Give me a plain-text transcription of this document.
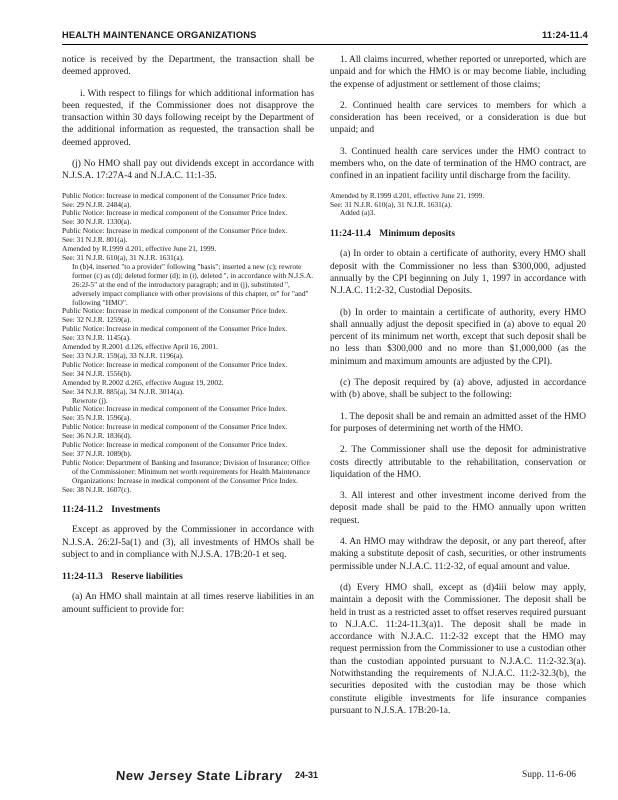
HEALTH MAINTENANCE ORGANIZATIONS	11:24-11.4

notice is received by the Department, the transaction shall be deemed approved.

i. With respect to filings for which additional information has been requested, if the Commissioner does not disapprove the transaction within 30 days following receipt by the Department of the additional information as requested, the transaction shall be deemed approved.

(j) No HMO shall pay out dividends except in accordance with N.J.S.A. 17:27A-4 and N.J.A.C. 11:1-35.

Public Notice: Increase in medical component of the Consumer Price Index.
See: 29 N.J.R. 2484(a).
Public Notice: Increase in medical component of the Consumer Price Index.
See: 30 N.J.R. 1330(a).
Public Notice: Increase in medical component of the Consumer Price Index.
See: 31 N.J.R. 801(a).
Amended by R.1999 d.201, effective June 21, 1999.
See: 31 N.J.R. 610(a), 31 N.J.R. 1631(a).
In (b)4, inserted "to a provider" following "basis"; inserted a new (c); rewrote former (c) as (d); deleted former (d); in (i), deleted ", in accordance with N.J.S.A. 26:2J-5" at the end of the introductory paragraph; and in (j), substituted ", adversely impact compliance with other provisions of this chapter, or" for "and" following "HMO".
Public Notice: Increase in medical component of the Consumer Price Index.
See: 32 N.J.R. 1259(a).
Public Notice: Increase in medical component of the Consumer Price Index.
See: 33 N.J.R. 1145(a).
Amended by R.2001 d.126, effective April 16, 2001.
See: 33 N.J.R. 159(a), 33 N.J.R. 1196(a).
Public Notice: Increase in medical component of the Consumer Price Index.
See: 34 N.J.R. 1556(b).
Amended by R.2002 d.265, effective August 19, 2002.
See: 34 N.J.R. 885(a), 34 N.J.R. 3014(a).
Rewrote (j).
Public Notice: Increase in medical component of the Consumer Price Index.
See: 35 N.J.R. 1596(a).
Public Notice: Increase in medical component of the Consumer Price Index.
See: 36 N.J.R. 1836(d).
Public Notice: Increase in medical component of the Consumer Price Index.
See: 37 N.J.R. 1089(b).
Public Notice: Department of Banking and Insurance; Division of Insurance; Office of the Commissioner: Minimum net worth requirements for Health Maintenance Organizations: Increase in medical component of the Consumer Price Index.
See: 38 N.J.R. 1607(c).
11:24-11.2 Investments

Except as approved by the Commissioner in accordance with N.J.S.A. 26:2J-5a(1) and (3), all investments of HMOs shall be subject to and in compliance with N.J.S.A. 17B:20-1 et seq.

11:24-11.3 Reserve liabilities

(a) An HMO shall maintain at all times reserve liabilities in an amount sufficient to provide for:

1. All claims incurred, whether reported or unreported, which are unpaid and for which the HMO is or may become liable, including the expense of adjustment or settlement of those claims;

2. Continued health care services to members for which a consideration has been received, or a consideration is due but unpaid; and

3. Continued health care services under the HMO contract to members who, on the date of termination of the HMO contract, are confined in an inpatient facility until discharge from the facility.

Amended by R.1999 d.201, effective June 21, 1999.
See: 31 N.J.R. 610(a), 31 N.J.R. 1631(a).
Added (a)3.
11:24-11.4 Minimum deposits

(a) In order to obtain a certificate of authority, every HMO shall deposit with the Commissioner no less than $300,000, adjusted annually by the CPI beginning on July 1, 1997 in accordance with N.J.A.C. 11:2-32, Custodial Deposits.

(b) In order to maintain a certificate of authority, every HMO shall annually adjust the deposit specified in (a) above to equal 20 percent of its minimum net worth, except that such deposit shall be no less than $300,000 and no more than $1,000,000 (as the minimum and maximum amounts are adjusted by the CPI).

(c) The deposit required by (a) above, adjusted in accordance with (b) above, shall be subject to the following:

1. The deposit shall be and remain an admitted asset of the HMO for purposes of determining net worth of the HMO.

2. The Commissioner shall use the deposit for administrative costs directly attributable to the rehabilitation, conservation or liquidation of the HMO.

3. All interest and other investment income derived from the deposit made shall be paid to the HMO annually upon written request.

4. An HMO may withdraw the deposit, or any part thereof, after making a substitute deposit of cash, securities, or other instruments permissible under N.J.A.C. 11:2-32, of equal amount and value.

(d) Every HMO shall, except as (d)4iii below may apply, maintain a deposit with the Commissioner. The deposit shall be held in trust as a restricted asset to offset reserves required pursuant to N.J.A.C. 11:24-11.3(a)1. The deposit shall be made in accordance with N.J.A.C. 11:2-32 except that the HMO may request permission from the Commissioner to use a custodian other than the custodian appointed pursuant to N.J.A.C. 11:2-32.3(a). Notwithstanding the requirements of N.J.A.C. 11:2-32.3(b), the securities deposited with the custodian may be those which constitute eligible investments for life insurance companies pursuant to N.J.S.A. 17B:20-1a.

New Jersey State Library 24-31	Supp. 11-6-06
